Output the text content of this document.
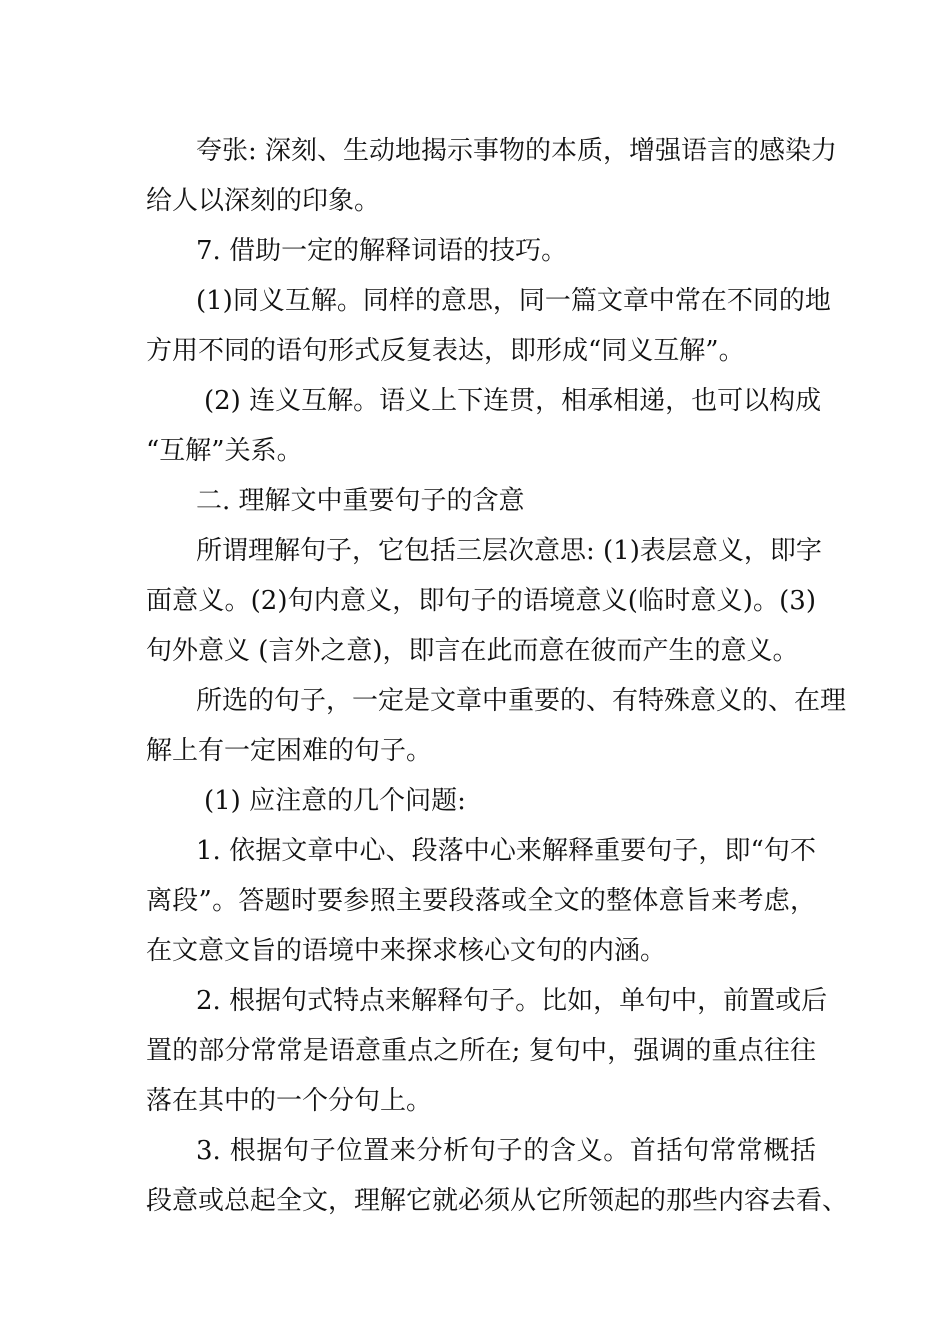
夸张: 深刻、生动地揭示事物的本质，增强语言的感染力
给人以深刻的印象。
7. 借助一定的解释词语的技巧。
(1)同义互解。同样的意思，同一篇文章中常在不同的地
方用不同的语句形式反复表达，即形成“同义互解”。
(2) 连义互解。语义上下连贯，相承相递，也可以构成
“互解”关系。
二. 理解文中重要句子的含意
所谓理解句子，它包括三层次意思: (1)表层意义，即字
面意义。(2)句内意义，即句子的语境意义(临时意义)。(3)
句外意义 (言外之意)，即言在此而意在彼而产生的意义。
所选的句子，一定是文章中重要的、有特殊意义的、在理
解上有一定困难的句子。
(1) 应注意的几个问题:
1. 依据文章中心、段落中心来解释重要句子，即“句不
离段”。答题时要参照主要段落或全文的整体意旨来考虑，
在文意文旨的语境中来探求核心文句的内涵。
2. 根据句式特点来解释句子。比如，单句中，前置或后
置的部分常常是语意重点之所在; 复句中，强调的重点往往
落在其中的一个分句上。
3. 根据句子位置来分析句子的含义。首括句常常概括
段意或总起全文，理解它就必须从它所领起的那些内容去看、
